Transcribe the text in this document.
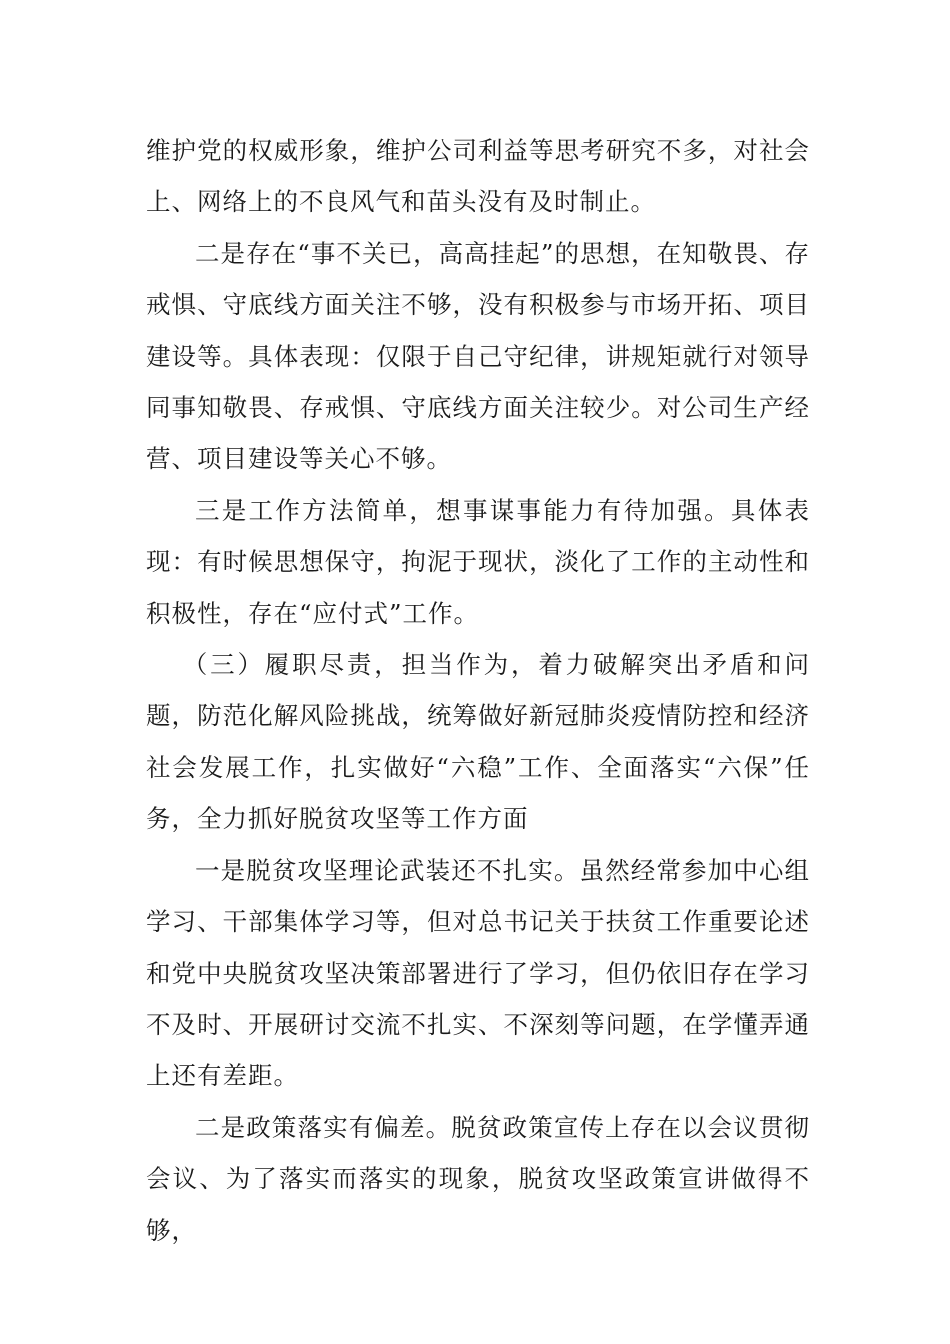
维护党的权威形象，维护公司利益等思考研究不多，对社会上、网络上的不良风气和苗头没有及时制止。

二是存在“事不关已，高高挂起”的思想，在知敬畏、存戒惧、守底线方面关注不够，没有积极参与市场开拓、项目建设等。具体表现：仅限于自己守纪律，讲规矩就行对领导同事知敬畏、存戒惧、守底线方面关注较少。对公司生产经营、项目建设等关心不够。

三是工作方法简单，想事谋事能力有待加强。具体表现：有时候思想保守，拘泥于现状，淡化了工作的主动性和积极性，存在“应付式”工作。

（三）履职尽责，担当作为，着力破解突出矛盾和问题，防范化解风险挑战，统筹做好新冠肺炎疫情防控和经济社会发展工作，扎实做好“六稳”工作、全面落实“六保”任务，全力抓好脱贫攻坚等工作方面

一是脱贫攻坚理论武装还不扎实。虽然经常参加中心组学习、干部集体学习等，但对总书记关于扶贫工作重要论述和党中央脱贫攻坚决策部署进行了学习，但仍依旧存在学习不及时、开展研讨交流不扎实、不深刻等问题，在学懂弄通上还有差距。

二是政策落实有偏差。脱贫政策宣传上存在以会议贯彻会议、为了落实而落实的现象，脱贫攻坚政策宣讲做得不够，
